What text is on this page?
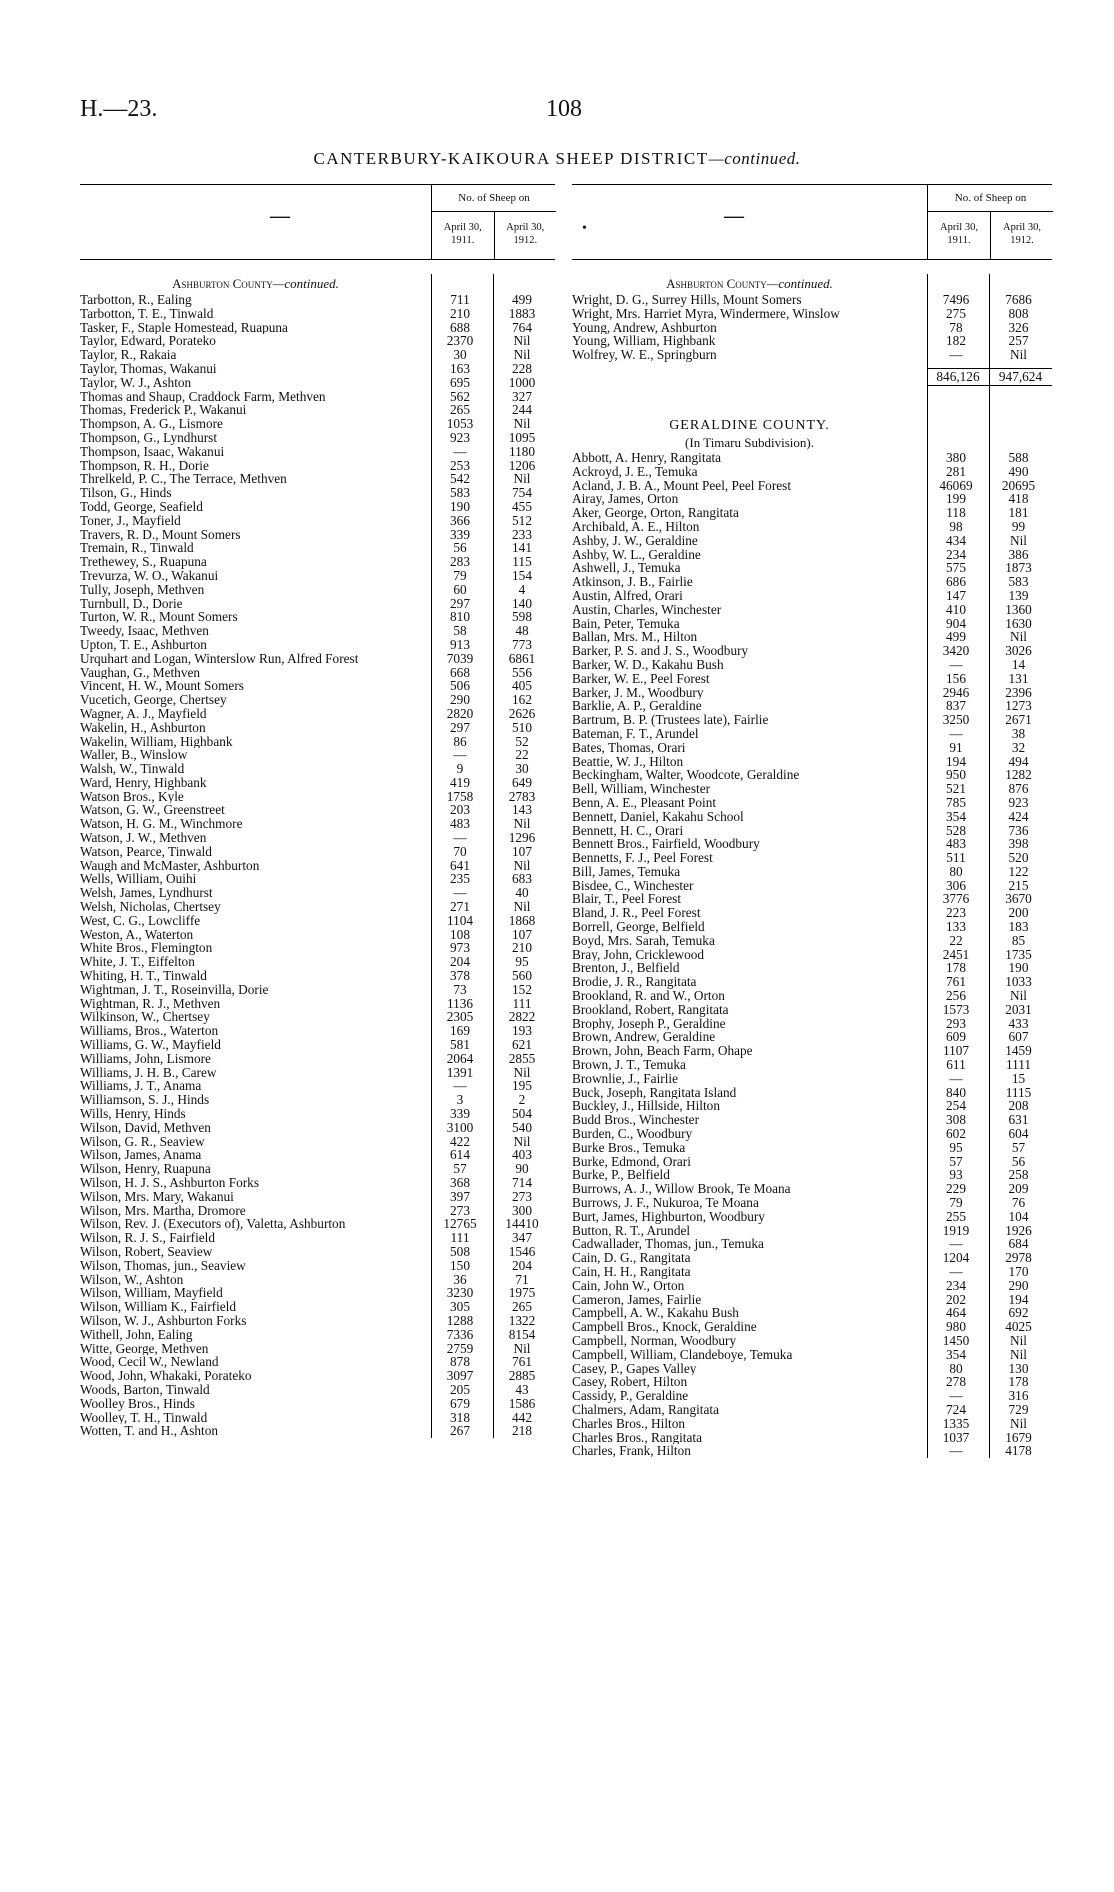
H.—23.	108
CANTERBURY-KAIKOURA SHEEP DISTRICT—continued.
—
No. of Sheep on
April 30, 1911.
April 30, 1912.
Ashburton County—continued.
Tarbotton, R., Ealing	711	499
Tarbotton, T. E., Tinwald	210	1883
Tasker, F., Staple Homestead, Ruapuna	688	764
Taylor, Edward, Porateko	2370	Nil
Taylor, R., Rakaia	30	Nil
Taylor, Thomas, Wakanui	163	228
Taylor, W. J., Ashton	695	1000
Thomas and Shaup, Craddock Farm, Methven	562	327
Thomas, Frederick P., Wakanui	265	244
Thompson, A. G., Lismore	1053	Nil
Thompson, G., Lyndhurst	923	1095
Thompson, Isaac, Wakanui	—	1180
Thompson, R. H., Dorie	253	1206
Threlkeld, P. C., The Terrace, Methven	542	Nil
Tilson, G., Hinds	583	754
Todd, George, Seafield	190	455
Toner, J., Mayfield	366	512
Travers, R. D., Mount Somers	339	233
Tremain, R., Tinwald	56	141
Trethewey, S., Ruapuna	283	115
Trevurza, W. O., Wakanui	79	154
Tully, Joseph, Methven	60	4
Turnbull, D., Dorie	297	140
Turton, W. R., Mount Somers	810	598
Tweedy, Isaac, Methven	58	48
Upton, T. E., Ashburton	913	773
Urquhart and Logan, Winterslow Run, Alfred Forest	7039	6861
Vaughan, G., Methven	668	556
Vincent, H. W., Mount Somers	506	405
Vucetich, George, Chertsey	290	162
Wagner, A. J., Mayfield	2820	2626
Wakelin, H., Ashburton	297	510
Wakelin, William, Highbank	86	52
Waller, B., Winslow	—	22
Walsh, W., Tinwald	9	30
Ward, Henry, Highbank	419	649
Watson Bros., Kyle	1758	2783
Watson, G. W., Greenstreet	203	143
Watson, H. G. M., Winchmore	483	Nil
Watson, J. W., Methven	—	1296
Watson, Pearce, Tinwald	70	107
Waugh and McMaster, Ashburton	641	Nil
Wells, William, Ouihi	235	683
Welsh, James, Lyndhurst	—	40
Welsh, Nicholas, Chertsey	271	Nil
West, C. G., Lowcliffe	1104	1868
Weston, A., Waterton	108	107
White Bros., Flemington	973	210
White, J. T., Eiffelton	204	95
Whiting, H. T., Tinwald	378	560
Wightman, J. T., Roseinvilla, Dorie	73	152
Wightman, R. J., Methven	1136	111
Wilkinson, W., Chertsey	2305	2822
Williams, Bros., Waterton	169	193
Williams, G. W., Mayfield	581	621
Williams, John, Lismore	2064	2855
Williams, J. H. B., Carew	1391	Nil
Williams, J. T., Anama	—	195
Williamson, S. J., Hinds	3	2
Wills, Henry, Hinds	339	504
Wilson, David, Methven	3100	540
Wilson, G. R., Seaview	422	Nil
Wilson, James, Anama	614	403
Wilson, Henry, Ruapuna	57	90
Wilson, H. J. S., Ashburton Forks	368	714
Wilson, Mrs. Mary, Wakanui	397	273
Wilson, Mrs. Martha, Dromore	273	300
Wilson, Rev. J. (Executors of), Valetta, Ashburton	12765	14410
Wilson, R. J. S., Fairfield	111	347
Wilson, Robert, Seaview	508	1546
Wilson, Thomas, jun., Seaview	150	204
Wilson, W., Ashton	36	71
Wilson, William, Mayfield	3230	1975
Wilson, William K., Fairfield	305	265
Wilson, W. J., Ashburton Forks	1288	1322
Withell, John, Ealing	7336	8154
Witte, George, Methven	2759	Nil
Wood, Cecil W., Newland	878	761
Wood, John, Whakaki, Porateko	3097	2885
Woods, Barton, Tinwald	205	43
Woolley Bros., Hinds	679	1586
Woolley, T. H., Tinwald	318	442
Wotten, T. and H., Ashton	267	218
•
—
No. of Sheep on
April 30, 1911.
April 30, 1912.
Ashburton County—continued.
Wright, D. G., Surrey Hills, Mount Somers	7496	7686
Wright, Mrs. Harriet Myra, Windermere, Winslow	275	808
Young, Andrew, Ashburton	78	326
Young, William, Highbank	182	257
Wolfrey, W. E., Springburn	—	Nil
846,126	947,624
GERALDINE COUNTY.
(In Timaru Subdivision).
Abbott, A. Henry, Rangitata	380	588
Ackroyd, J. E., Temuka	281	490
Acland, J. B. A., Mount Peel, Peel Forest	46069	20695
Airay, James, Orton	199	418
Aker, George, Orton, Rangitata	118	181
Archibald, A. E., Hilton	98	99
Ashby, J. W., Geraldine	434	Nil
Ashby, W. L., Geraldine	234	386
Ashwell, J., Temuka	575	1873
Atkinson, J. B., Fairlie	686	583
Austin, Alfred, Orari	147	139
Austin, Charles, Winchester	410	1360
Bain, Peter, Temuka	904	1630
Ballan, Mrs. M., Hilton	499	Nil
Barker, P. S. and J. S., Woodbury	3420	3026
Barker, W. D., Kakahu Bush	—	14
Barker, W. E., Peel Forest	156	131
Barker, J. M., Woodbury	2946	2396
Barklie, A. P., Geraldine	837	1273
Bartrum, B. P. (Trustees late), Fairlie	3250	2671
Bateman, F. T., Arundel	—	38
Bates, Thomas, Orari	91	32
Beattie, W. J., Hilton	194	494
Beckingham, Walter, Woodcote, Geraldine	950	1282
Bell, William, Winchester	521	876
Benn, A. E., Pleasant Point	785	923
Bennett, Daniel, Kakahu School	354	424
Bennett, H. C., Orari	528	736
Bennett Bros., Fairfield, Woodbury	483	398
Bennetts, F. J., Peel Forest	511	520
Bill, James, Temuka	80	122
Bisdee, C., Winchester	306	215
Blair, T., Peel Forest	3776	3670
Bland, J. R., Peel Forest	223	200
Borrell, George, Belfield	133	183
Boyd, Mrs. Sarah, Temuka	22	85
Bray, John, Cricklewood	2451	1735
Brenton, J., Belfield	178	190
Brodie, J. R., Rangitata	761	1033
Brookland, R. and W., Orton	256	Nil
Brookland, Robert, Rangitata	1573	2031
Brophy, Joseph P., Geraldine	293	433
Brown, Andrew, Geraldine	609	607
Brown, John, Beach Farm, Ohape	1107	1459
Brown, J. T., Temuka	611	1111
Brownlie, J., Fairlie	—	15
Buck, Joseph, Rangitata Island	840	1115
Buckley, J., Hillside, Hilton	254	208
Budd Bros., Winchester	308	631
Burden, C., Woodbury	602	604
Burke Bros., Temuka	95	57
Burke, Edmond, Orari	57	56
Burke, P., Belfield	93	258
Burrows, A. J., Willow Brook, Te Moana	229	209
Burrows, J. F., Nukuroa, Te Moana	79	76
Burt, James, Highburton, Woodbury	255	104
Button, R. T., Arundel	1919	1926
Cadwallader, Thomas, jun., Temuka	—	684
Cain, D. G., Rangitata	1204	2978
Cain, H. H., Rangitata	—	170
Cain, John W., Orton	234	290
Cameron, James, Fairlie	202	194
Campbell, A. W., Kakahu Bush	464	692
Campbell Bros., Knock, Geraldine	980	4025
Campbell, Norman, Woodbury	1450	Nil
Campbell, William, Clandeboye, Temuka	354	Nil
Casey, P., Gapes Valley	80	130
Casey, Robert, Hilton	278	178
Cassidy, P., Geraldine	—	316
Chalmers, Adam, Rangitata	724	729
Charles Bros., Hilton	1335	Nil
Charles Bros., Rangitata	1037	1679
Charles, Frank, Hilton	—	4178
